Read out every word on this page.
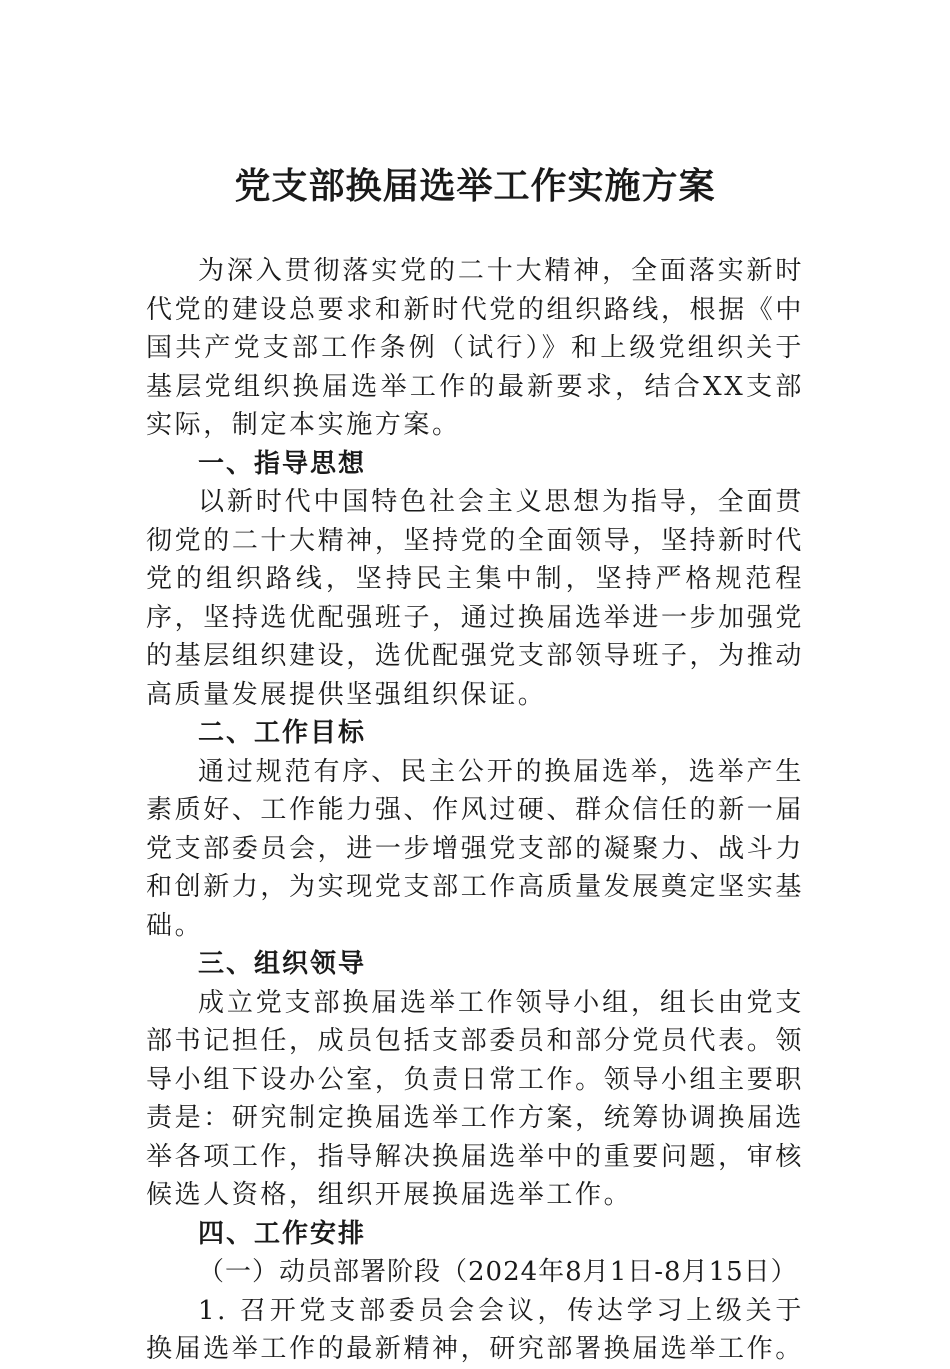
党支部换届选举工作实施方案

为深入贯彻落实党的二十大精神，全面落实新时代党的建设总要求和新时代党的组织路线，根据《中国共产党支部工作条例（试行）》和上级党组织关于基层党组织换届选举工作的最新要求，结合XX支部实际，制定本实施方案。

一、指导思想

以新时代中国特色社会主义思想为指导，全面贯彻党的二十大精神，坚持党的全面领导，坚持新时代党的组织路线，坚持民主集中制，坚持严格规范程序，坚持选优配强班子，通过换届选举进一步加强党的基层组织建设，选优配强党支部领导班子，为推动高质量发展提供坚强组织保证。

二、工作目标

通过规范有序、民主公开的换届选举，选举产生素质好、工作能力强、作风过硬、群众信任的新一届党支部委员会，进一步增强党支部的凝聚力、战斗力和创新力，为实现党支部工作高质量发展奠定坚实基础。

三、组织领导

成立党支部换届选举工作领导小组，组长由党支部书记担任，成员包括支部委员和部分党员代表。领导小组下设办公室，负责日常工作。领导小组主要职责是：研究制定换届选举工作方案，统筹协调换届选举各项工作，指导解决换届选举中的重要问题，审核候选人资格，组织开展换届选举工作。

四、工作安排

（一）动员部署阶段（2024年8月1日-8月15日）

1. 召开党支部委员会会议，传达学习上级关于换届选举工作的最新精神，研究部署换届选举工作。
